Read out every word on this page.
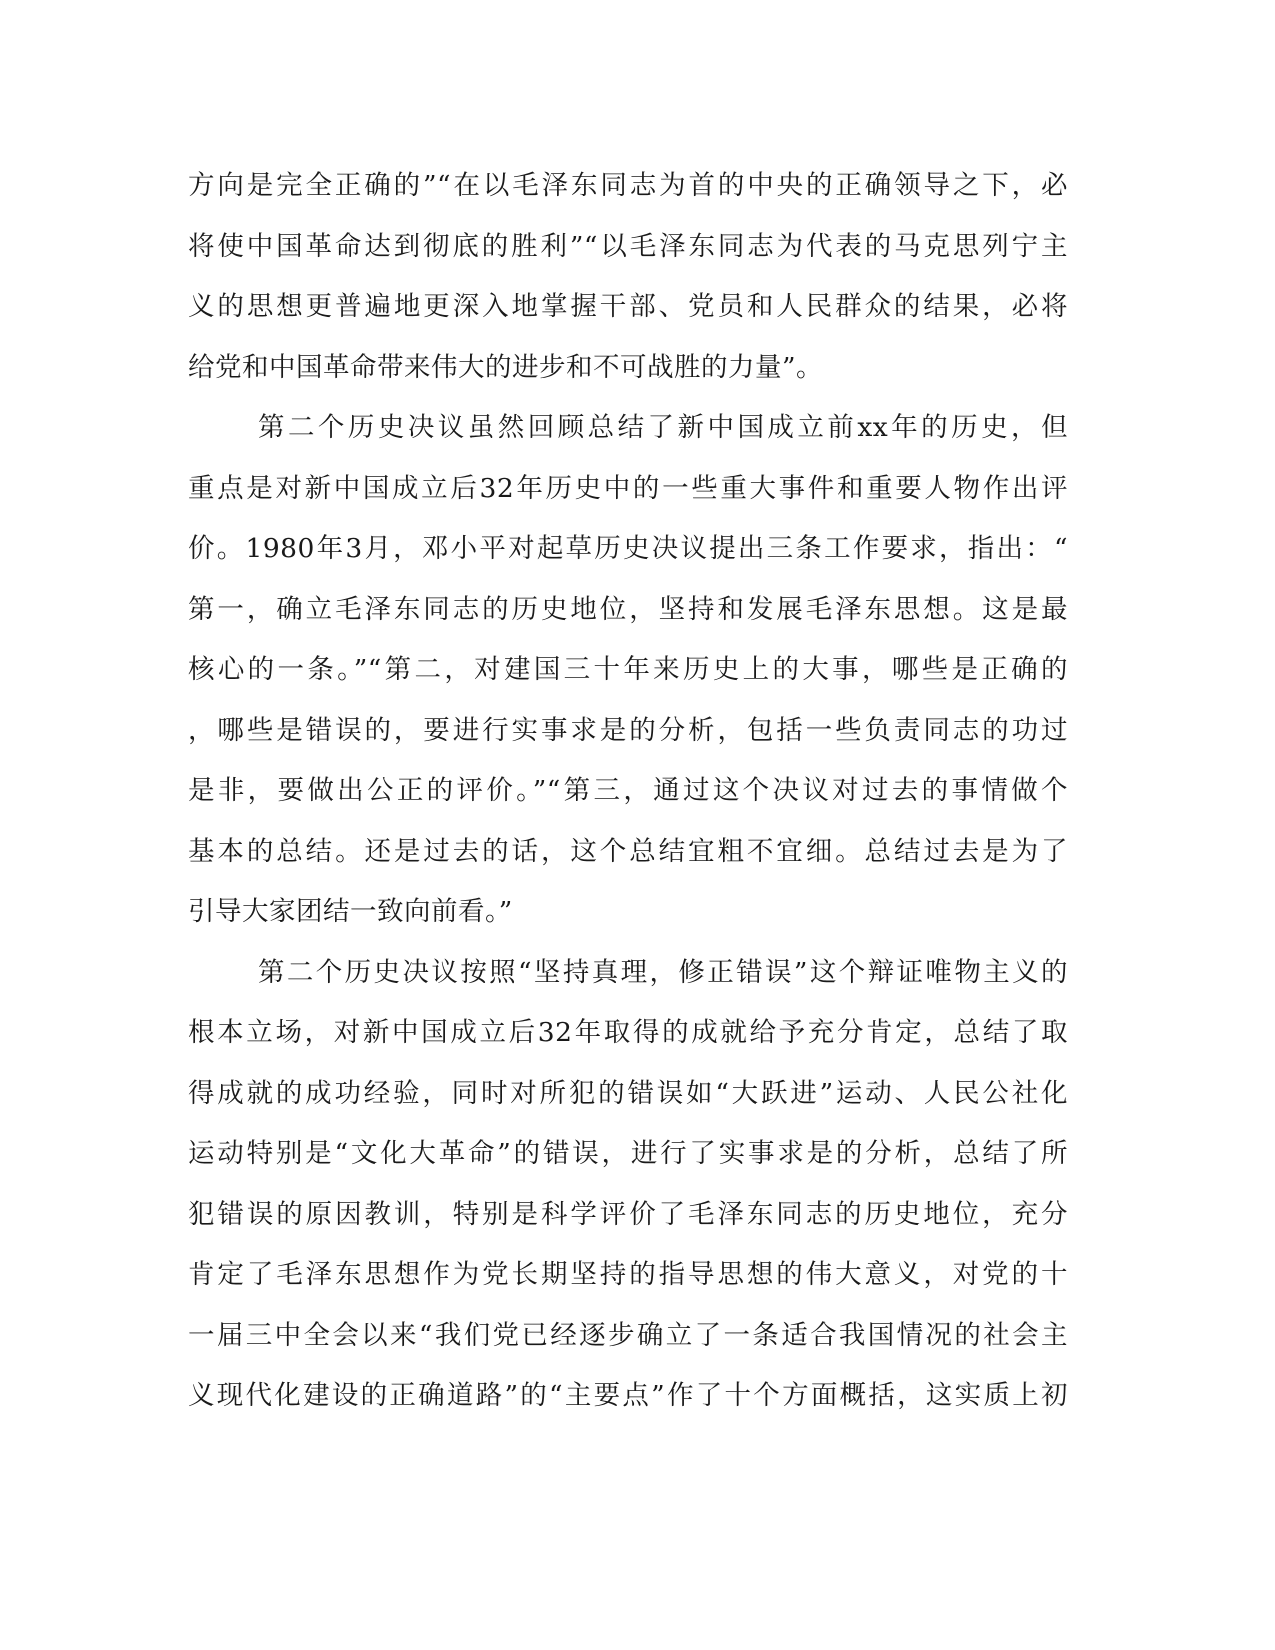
方向是完全正确的”“在以毛泽东同志为首的中央的正确领导之下，必
将使中国革命达到彻底的胜利”“以毛泽东同志为代表的马克思列宁主
义的思想更普遍地更深入地掌握干部、党员和人民群众的结果，必将
给党和中国革命带来伟大的进步和不可战胜的力量”。
第二个历史决议虽然回顾总结了新中国成立前xx年的历史，但
重点是对新中国成立后32年历史中的一些重大事件和重要人物作出评
价。1980年3月，邓小平对起草历史决议提出三条工作要求，指出：“
第一，确立毛泽东同志的历史地位，坚持和发展毛泽东思想。这是最
核心的一条。”“第二，对建国三十年来历史上的大事，哪些是正确的
，哪些是错误的，要进行实事求是的分析，包括一些负责同志的功过
是非，要做出公正的评价。”“第三，通过这个决议对过去的事情做个
基本的总结。还是过去的话，这个总结宜粗不宜细。总结过去是为了
引导大家团结一致向前看。”
第二个历史决议按照“坚持真理，修正错误”这个辩证唯物主义的
根本立场，对新中国成立后32年取得的成就给予充分肯定，总结了取
得成就的成功经验，同时对所犯的错误如“大跃进”运动、人民公社化
运动特别是“文化大革命”的错误，进行了实事求是的分析，总结了所
犯错误的原因教训，特别是科学评价了毛泽东同志的历史地位，充分
肯定了毛泽东思想作为党长期坚持的指导思想的伟大意义，对党的十
一届三中全会以来“我们党已经逐步确立了一条适合我国情况的社会主
义现代化建设的正确道路”的“主要点”作了十个方面概括，这实质上初
